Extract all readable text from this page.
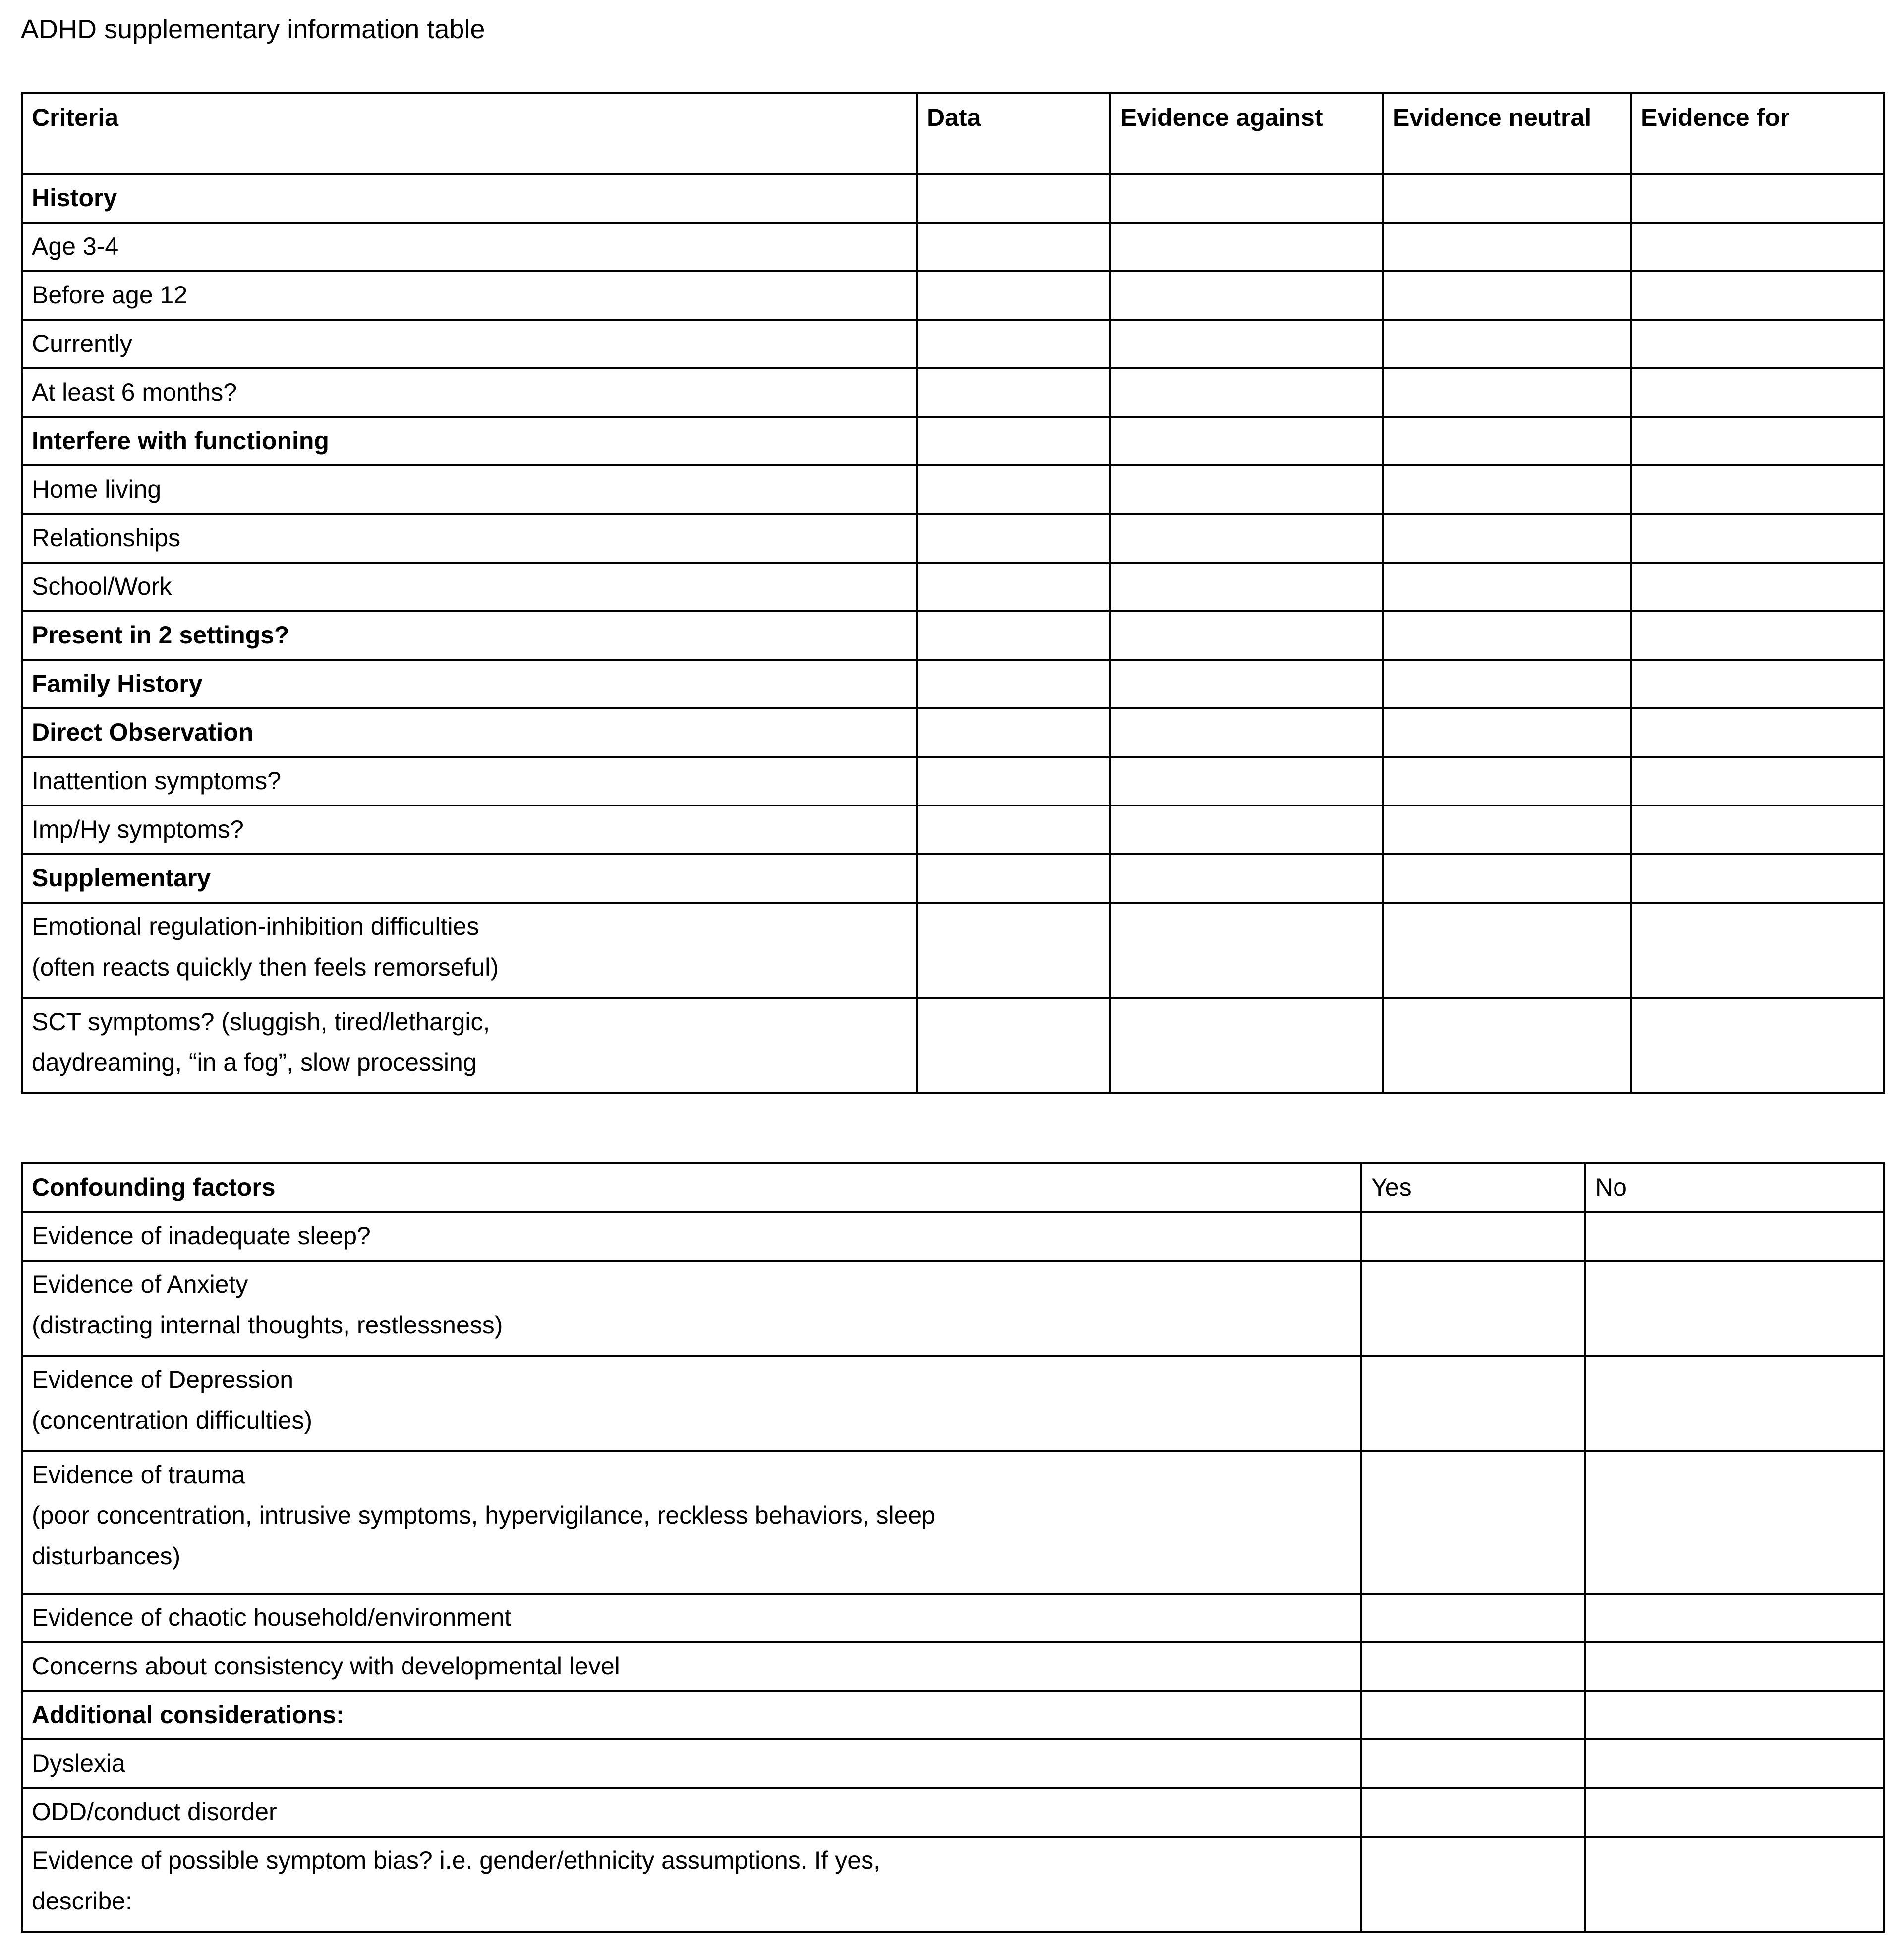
ADHD supplementary information table
Criteria	Data	Evidence against	Evidence neutral	Evidence for

History				

Age 3-4				

Before age 12				

Currently				

At least 6 months?				

Interfere with functioning				

Home living				

Relationships				

School/Work				

Present in 2 settings?				

Family History				

Direct Observation				

Inattention symptoms?				

Imp/Hy symptoms?				

Supplementary				

Emotional regulation-inhibition difficulties
(often reacts quickly then feels remorseful)				

SCT symptoms? (sluggish, tired/lethargic,
daydreaming, “in a fog”, slow processing				

Confounding factors	Yes	No

Evidence of inadequate sleep?		

Evidence of Anxiety
(distracting internal thoughts, restlessness)		

Evidence of Depression
(concentration difficulties)		

Evidence of trauma
(poor concentration, intrusive symptoms, hypervigilance, reckless behaviors, sleep
disturbances)		

Evidence of chaotic household/environment		

Concerns about consistency with developmental level		

Additional considerations:		

Dyslexia		

ODD/conduct disorder		

Evidence of possible symptom bias? i.e. gender/ethnicity assumptions. If yes,
describe:		
